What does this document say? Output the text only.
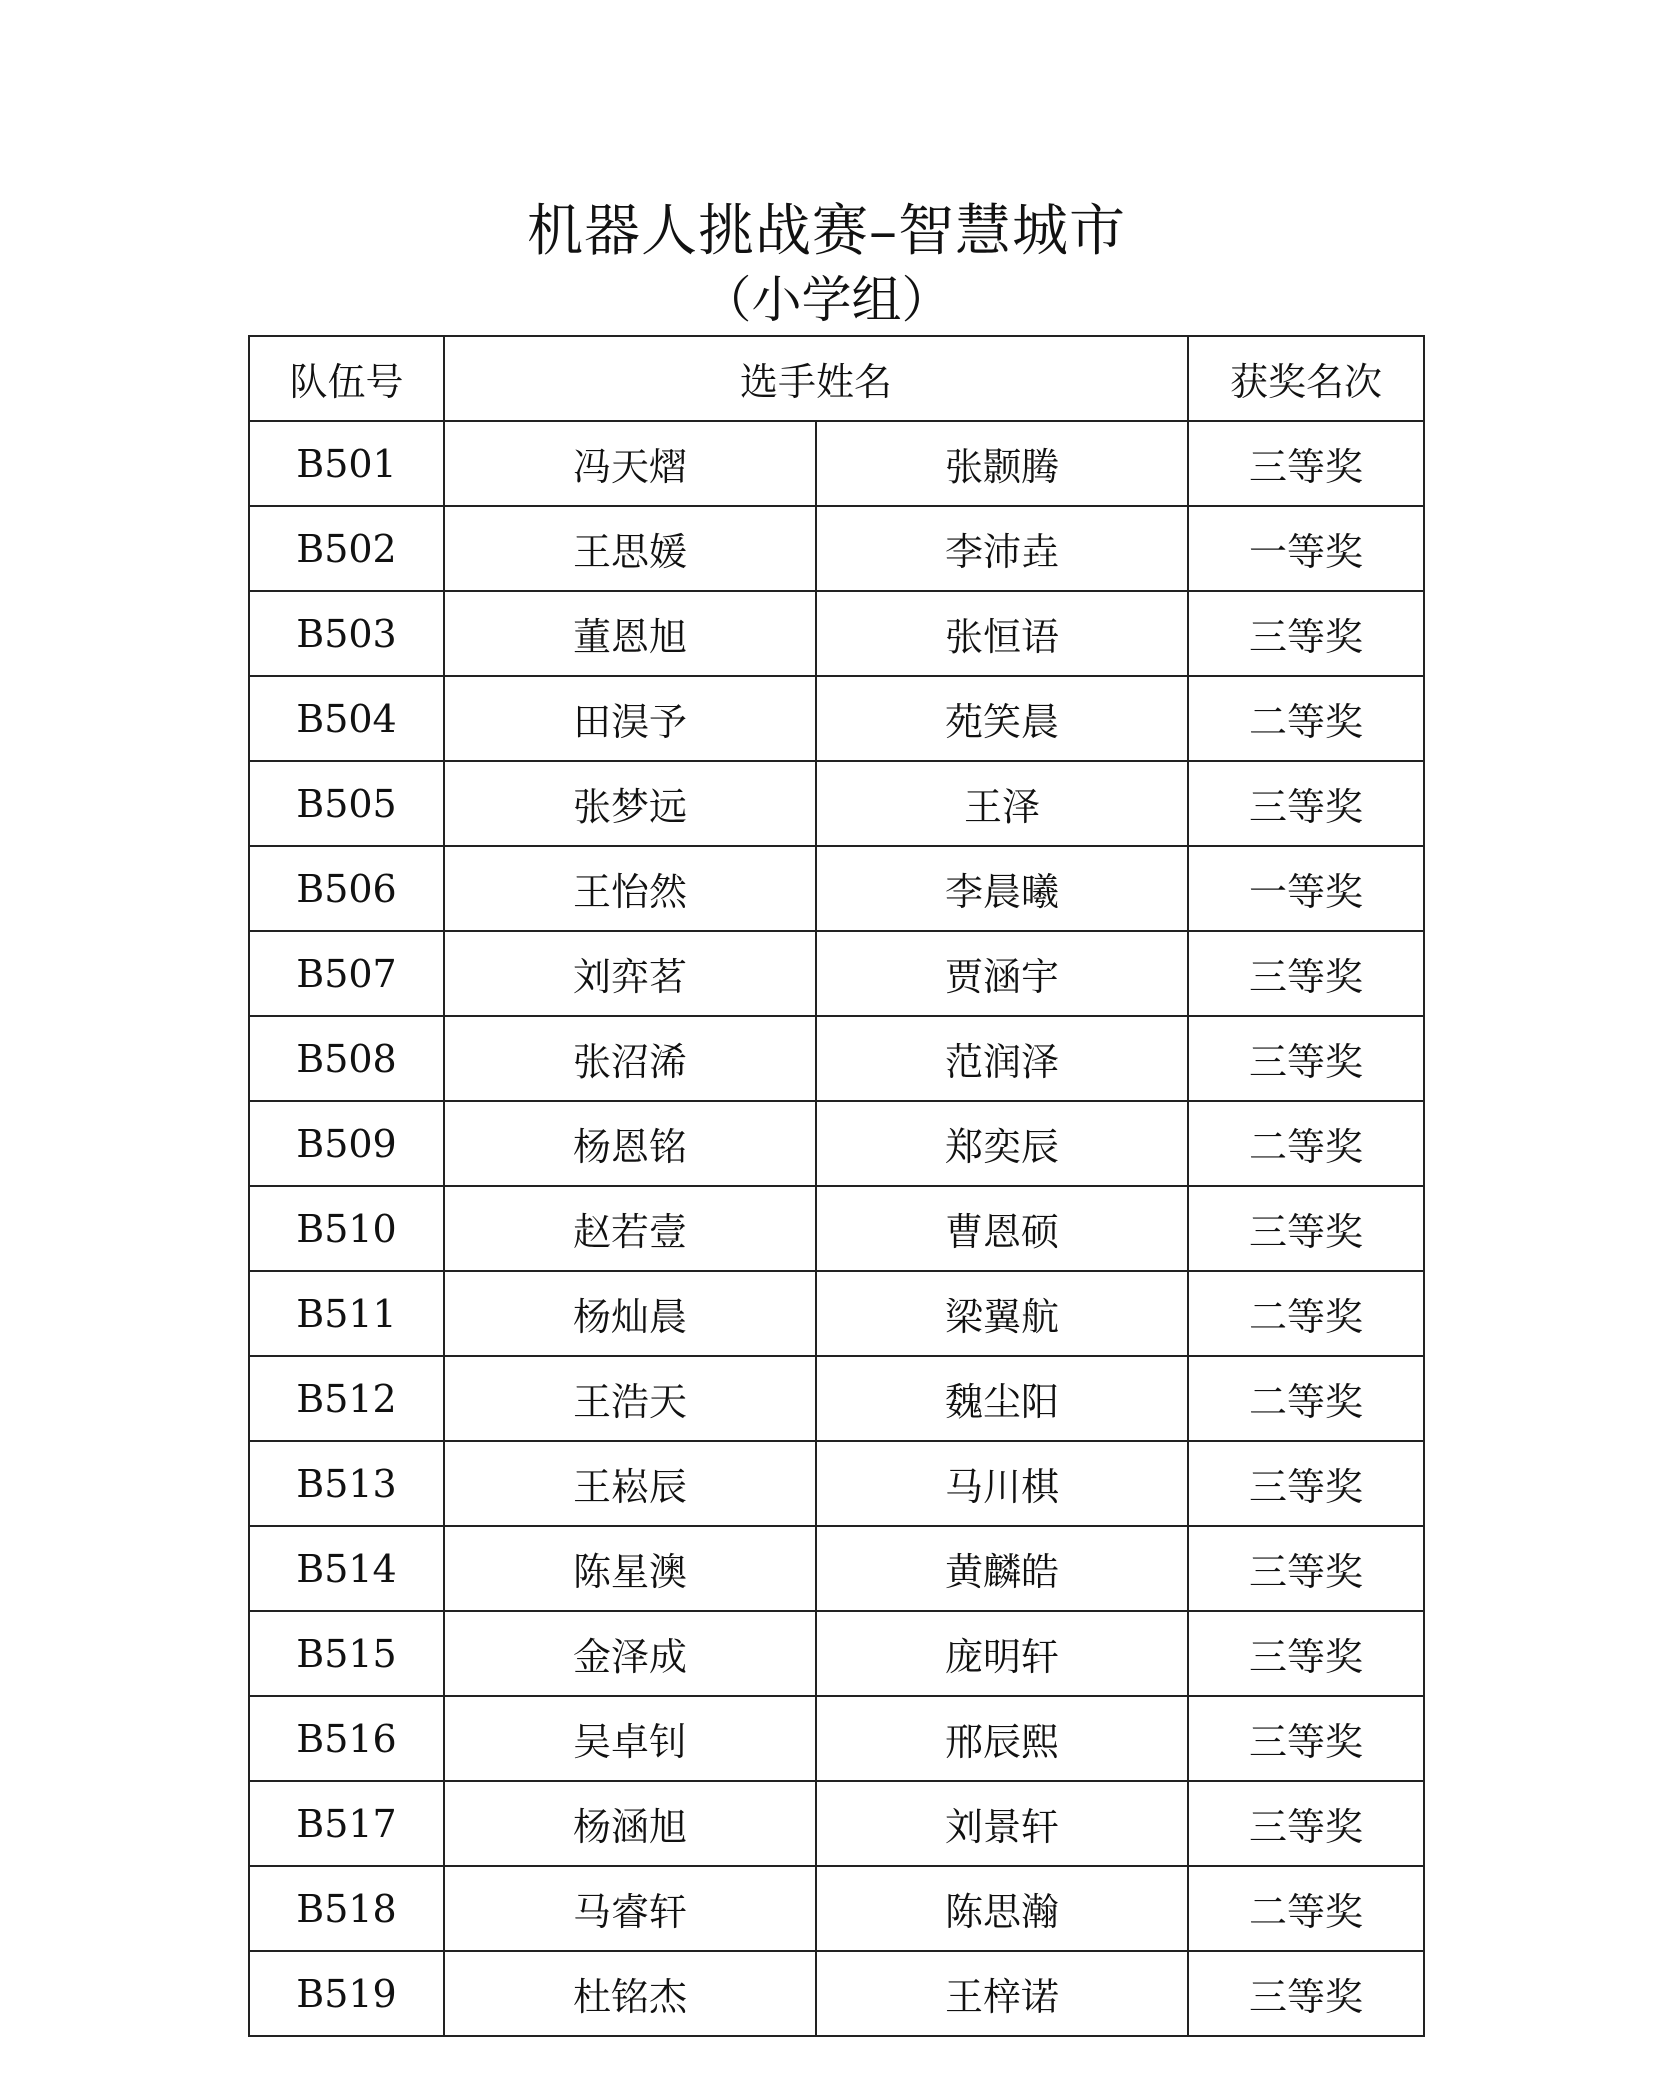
机器人挑战赛–智慧城市
（小学组）
队伍号	选手姓名		获奖名次
B501	冯天熠	张颢腾	三等奖
B502	王思媛	李沛垚	一等奖
B503	董恩旭	张恒语	三等奖
B504	田淏予	苑笑晨	二等奖
B505	张梦远	王泽	三等奖
B506	王怡然	李晨曦	一等奖
B507	刘弈茗	贾涵宇	三等奖
B508	张沼浠	范润泽	三等奖
B509	杨恩铭	郑奕辰	二等奖
B510	赵若壹	曹恩硕	三等奖
B511	杨灿晨	梁翼航	二等奖
B512	王浩天	魏尘阳	二等奖
B513	王崧辰	马川棋	三等奖
B514	陈星澳	黄麟皓	三等奖
B515	金泽成	庞明轩	三等奖
B516	吴卓钊	邢辰熙	三等奖
B517	杨涵旭	刘景轩	三等奖
B518	马睿轩	陈思瀚	二等奖
B519	杜铭杰	王梓诺	三等奖
